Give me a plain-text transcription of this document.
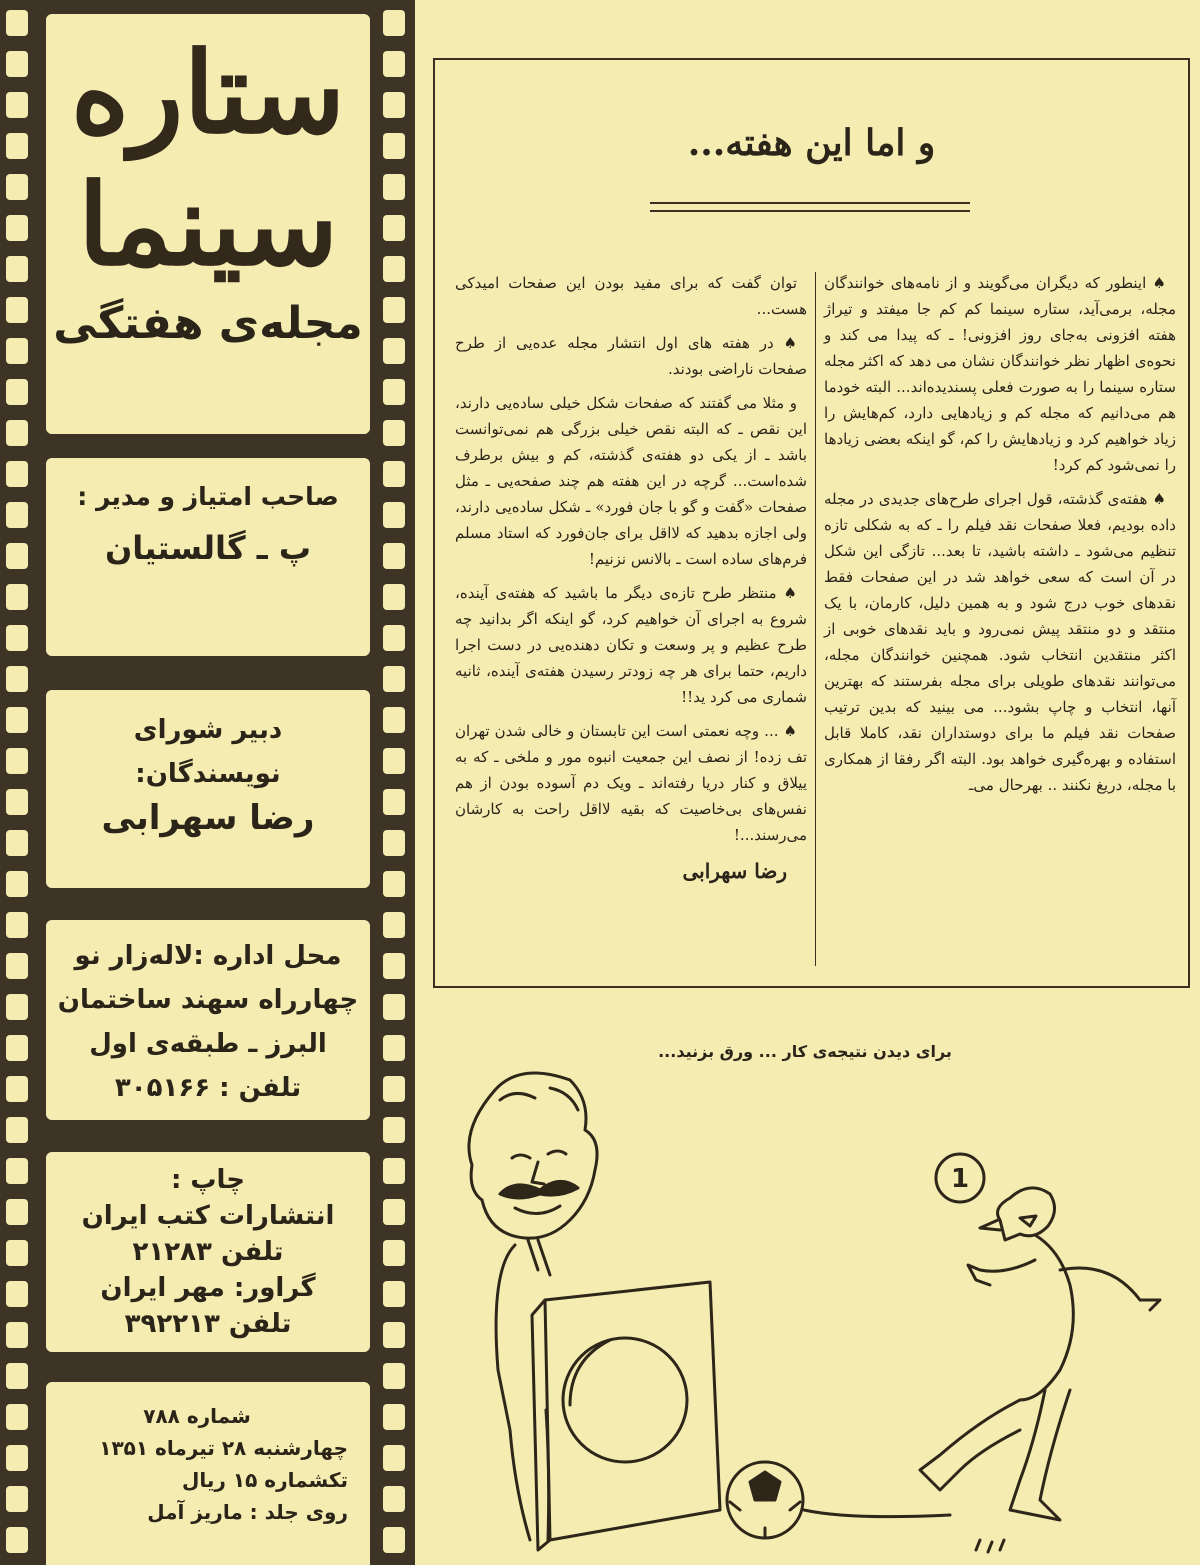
ستاره
سینما
مجله‌ی هفتگی
صاحب امتیاز و مدیر :
پ ـ گالستیان
دبیر شورای
نویسندگان:
رضا سهرابی
محل اداره :لاله‌زار نو
چهارراه سهند ساختمان
البرز ـ طبقه‌ی اول
تلفن : ۳۰۵۱۶۶
چاپ :
انتشارات کتب ایران
تلفن ۲۱۲۸۳
گراور: مهر ایران
تلفن ۳۹۲۲۱۳
شماره ۷۸۸
چهارشنبه ۲۸ تیرماه ۱۳۵۱
تکشماره ۱۵ ریال
روی جلد : ماریز آمل
و اما این هفته...

♠ اینطور که دیگران می‌گویند و از نامه‌های خوانندگان مجله، برمی‌آید، ستاره سینما کم کم جا میفتد و تیراژ هفته افزونی به‌جای روز افزونی! ـ که پیدا می کند و نحوه‌ی اظهار نظر خوانندگان نشان می دهد که اکثر مجله ستاره سینما را به صورت فعلی پسندیده‌اند... البته خودما هم می‌دانیم که مجله کم و زیادهایی دارد، کم‌هایش را زیاد خواهیم کرد و زیادهایش را کم، گو اینکه بعضی زیادها را نمی‌شود کم کرد!

♠ هفته‌ی گذشته، قول اجرای طرح‌های جدیدی در مجله داده بودیم، فعلا صفحات نقد فیلم را ـ که به شکلی تازه تنظیم می‌شود ـ داشته باشید، تا بعد... تازگی این شکل در آن است که سعی خواهد شد در این صفحات فقط نقدهای خوب درج شود و به همین دلیل، کارمان، با یک منتقد و دو منتقد پیش نمی‌رود و باید نقدهای خوبی از اکثر منتقدین انتخاب شود. همچنین خوانندگان مجله، می‌توانند نقدهای طویلی برای مجله بفرستند که بهترین آنها، انتخاب و چاپ بشود... می بینید که بدین ترتیب صفحات نقد فیلم ما برای دوستداران نقد، کاملا قابل استفاده و بهره‌گیری خواهد بود. البته اگر رفقا از همکاری با مجله، دریغ نکنند .. بهرحال می‌ـ

توان گفت که برای مفید بودن این صفحات امیدکی هست...

♠ در هفته های اول انتشار مجله عده‌یی از طرح صفحات ناراضی بودند.

و مثلا می گفتند که صفحات شکل خیلی ساده‌یی دارند، این نقص ـ که البته نقص خیلی بزرگی هم نمی‌توانست باشد ـ از یکی دو هفته‌ی گذشته، کم و بیش برطرف شده‌است... گرچه در این هفته هم چند صفحه‌یی ـ مثل صفحات «گفت و گو با جان فورد» ـ شکل ساده‌یی دارند، ولی اجازه بدهید که لااقل برای جان‌فورد که استاد مسلم فرم‌های ساده است ـ بالانس نزنیم!

♠ منتظر طرح تازه‌ی دیگر ما باشید که هفته‌ی آینده، شروع به اجرای آن خواهیم کرد، گو اینکه اگر بدانید چه طرح عظیم و پر وسعت و تکان دهنده‌یی در دست اجرا داریم، حتما برای هر چه زودتر رسیدن هفته‌ی آینده، ثانیه شماری می کرد ید!!

♠ ... وچه نعمتی است این تابستان و خالی شدن تهران تف زده! از نصف این جمعیت انبوه مور و ملخی ـ که به ییلاق و کنار دریا رفته‌اند ـ ویک دم آسوده بودن از هم نفس‌های بی‌خاصیت که بقیه لااقل راحت به کارشان می‌رسند...!

رضا سهرابی
برای دیدن نتیجه‌ی کار ... ورق بزنید...
1
